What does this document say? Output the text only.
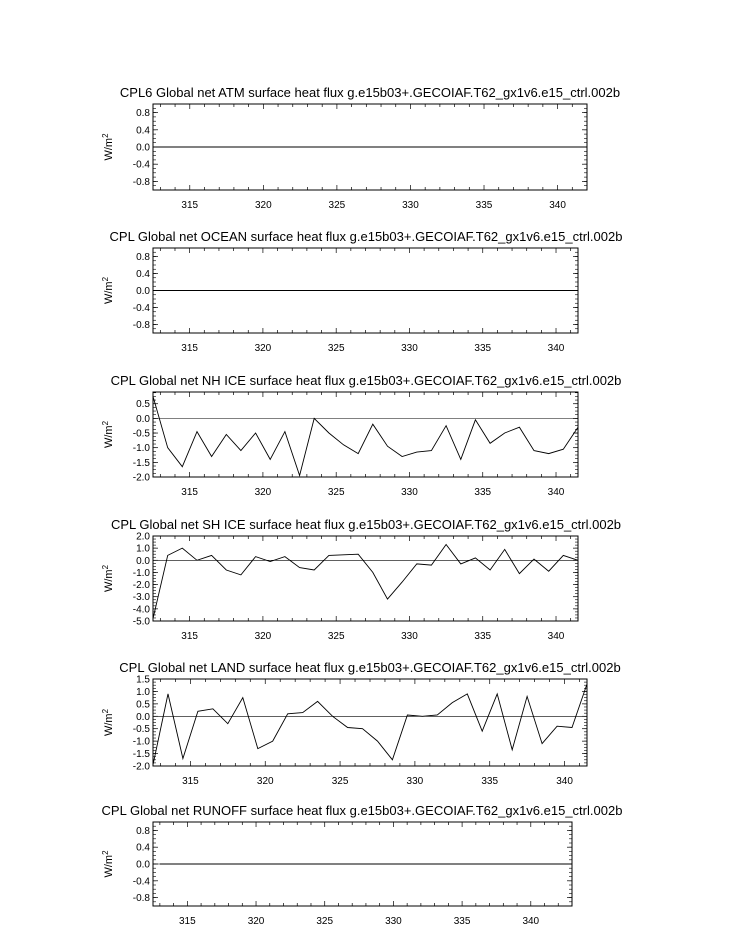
CPL6 Global net ATM surface heat flux g.e15b03+.GECOIAF.T62_gx1v6.e15_ctrl.002b
315	320	325	330	335	340
0.8
0.4
0.0
-0.4
-0.8
$W/m^2$
CPL Global net OCEAN surface heat flux g.e15b03+.GECOIAF.T62_gx1v6.e15_ctrl.002b
315	320	325	330	335	340
0.8
0.4
0.0
-0.4
-0.8
$W/m^2$
CPL Global net NH ICE surface heat flux g.e15b03+.GECOIAF.T62_gx1v6.e15_ctrl.002b
315	320	325	330	335	340
0.5
0.0
-0.5
-1.0
-1.5
-2.0
$W/m^2$
CPL Global net SH ICE surface heat flux g.e15b03+.GECOIAF.T62_gx1v6.e15_ctrl.002b
315	320	325	330	335	340
2.0
1.0
0.0
-1.0
-2.0
-3.0
-4.0
-5.0
$W/m^2$
CPL Global net LAND surface heat flux g.e15b03+.GECOIAF.T62_gx1v6.e15_ctrl.002b
315	320	325	330	335	340
1.5
1.0
0.5
0.0
-0.5
-1.0
-1.5
-2.0
$W/m^2$
CPL Global net RUNOFF surface heat flux g.e15b03+.GECOIAF.T62_gx1v6.e15_ctrl.002b
315	320	325	330	335	340
0.8
0.4
0.0
-0.4
-0.8
$W/m^2$
